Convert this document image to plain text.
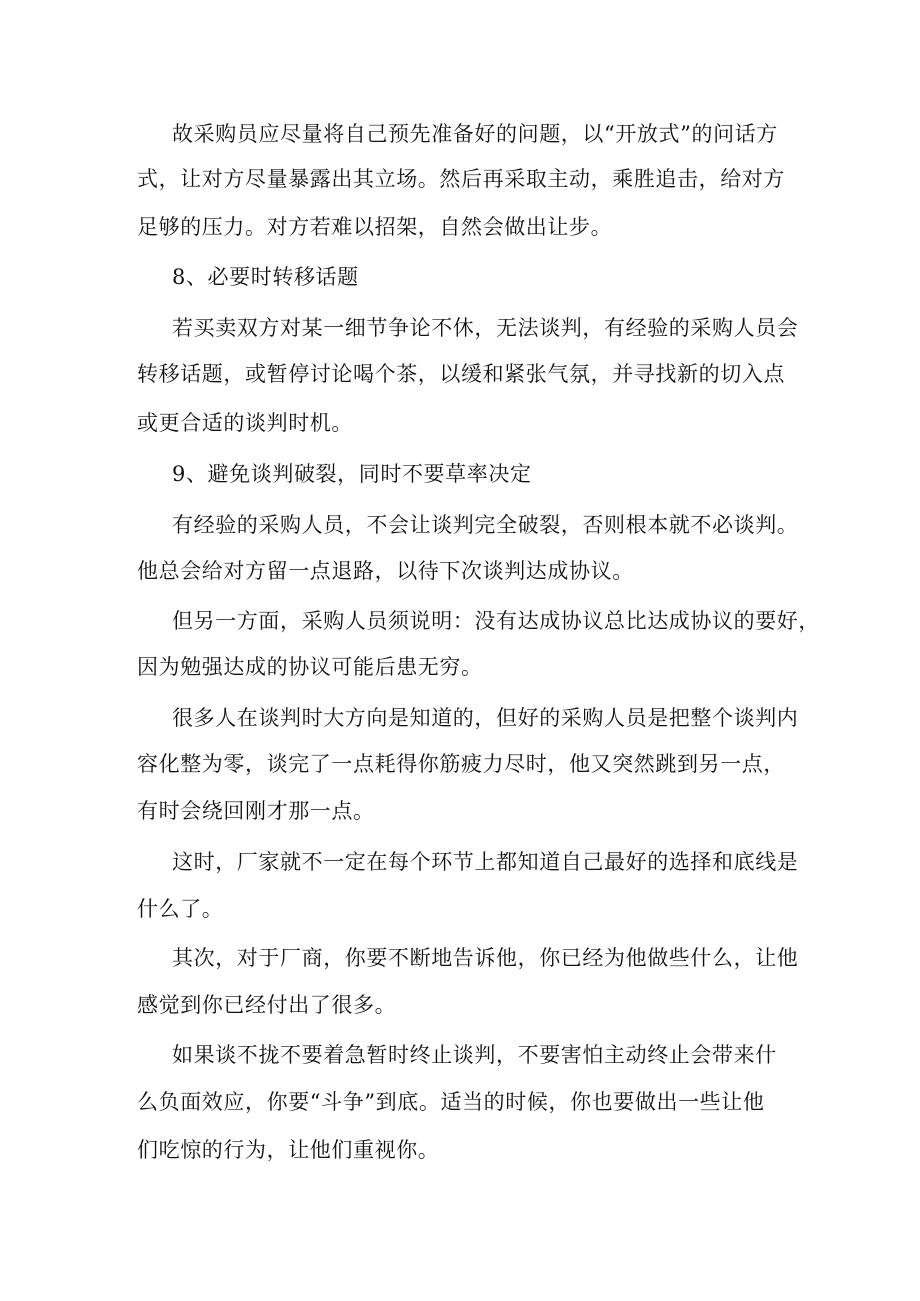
故采购员应尽量将自己预先准备好的问题，以“开放式”的问话方
式，让对方尽量暴露出其立场。然后再采取主动，乘胜追击，给对方
足够的压力。对方若难以招架，自然会做出让步。
8、必要时转移话题
若买卖双方对某一细节争论不休，无法谈判，有经验的采购人员会
转移话题，或暂停讨论喝个茶，以缓和紧张气氛，并寻找新的切入点
或更合适的谈判时机。
9、避免谈判破裂，同时不要草率决定
有经验的采购人员，不会让谈判完全破裂，否则根本就不必谈判。
他总会给对方留一点退路，以待下次谈判达成协议。
但另一方面，采购人员须说明：没有达成协议总比达成协议的要好，
因为勉强达成的协议可能后患无穷。
很多人在谈判时大方向是知道的，但好的采购人员是把整个谈判内
容化整为零，谈完了一点耗得你筋疲力尽时，他又突然跳到另一点，
有时会绕回刚才那一点。
这时，厂家就不一定在每个环节上都知道自己最好的选择和底线是
什么了。
其次，对于厂商，你要不断地告诉他，你已经为他做些什么，让他
感觉到你已经付出了很多。
如果谈不拢不要着急暂时终止谈判，不要害怕主动终止会带来什
么负面效应，你要“斗争”到底。适当的时候，你也要做出一些让他
们吃惊的行为，让他们重视你。
